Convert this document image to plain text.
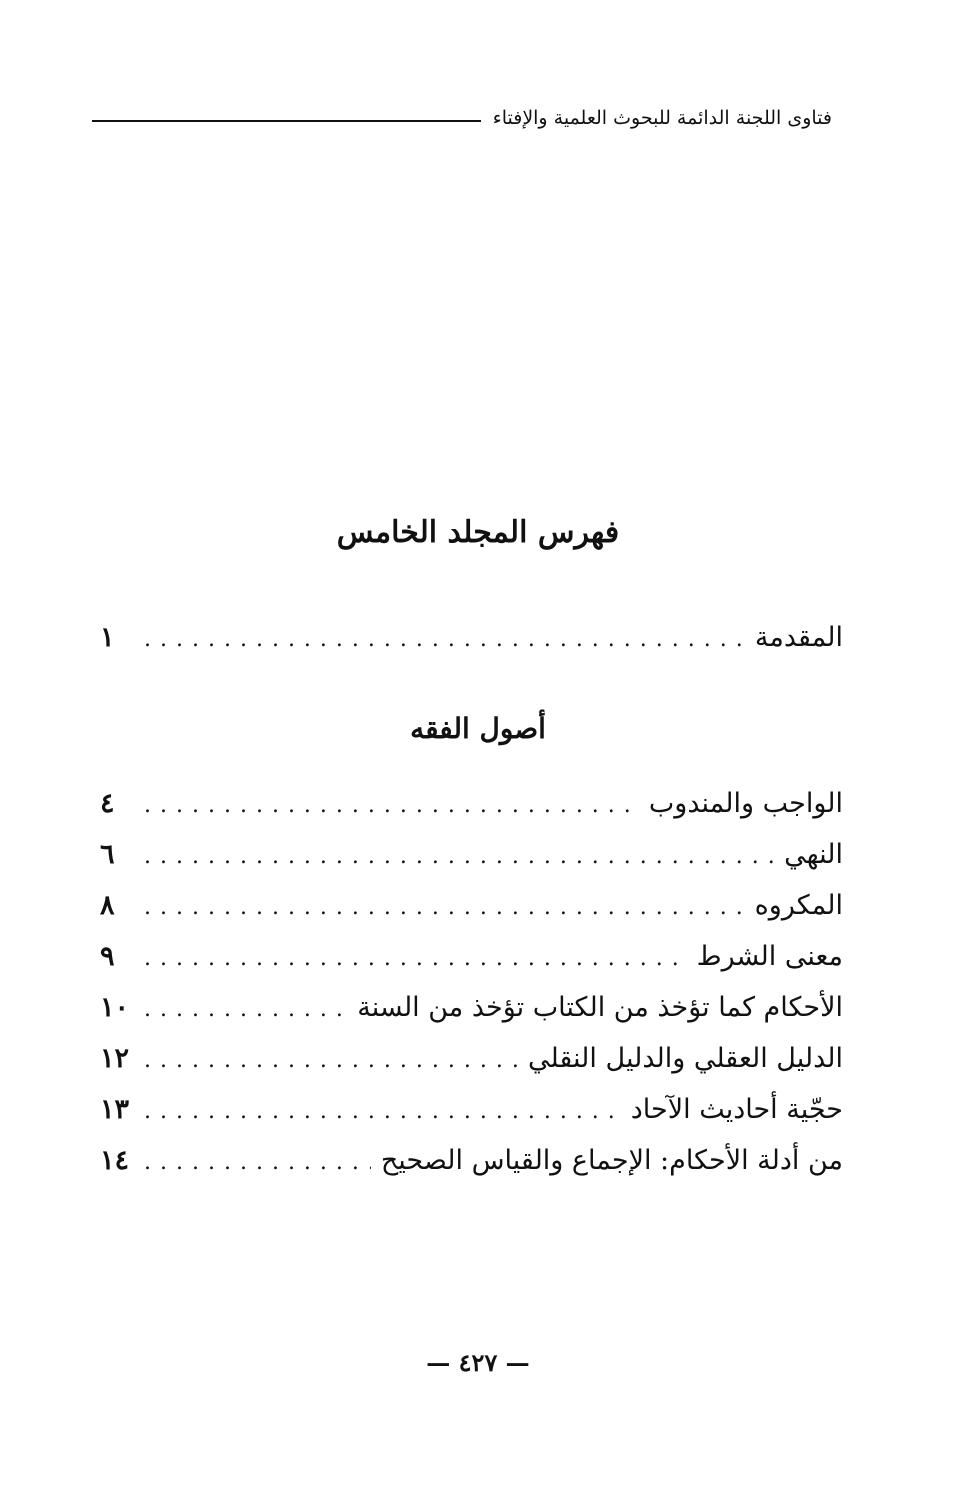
فتاوى اللجنة الدائمة للبحوث العلمية والإفتاء
فهرس المجلد الخامس
المقدمة
.....
١
أصول الفقه
الواجب والمندوب
.....
٤
النهي
.....
٦
المكروه
.....
٨
معنى الشرط
.....
٩
الأحكام كما تؤخذ من الكتاب تؤخذ من السنة
.....
١٠
الدليل العقلي والدليل النقلي
.....
١٢
حجّية أحاديث الآحاد
.....
١٣
من أدلة الأحكام: الإجماع والقياس الصحيح
.....
١٤
— ٤٢٧ —
